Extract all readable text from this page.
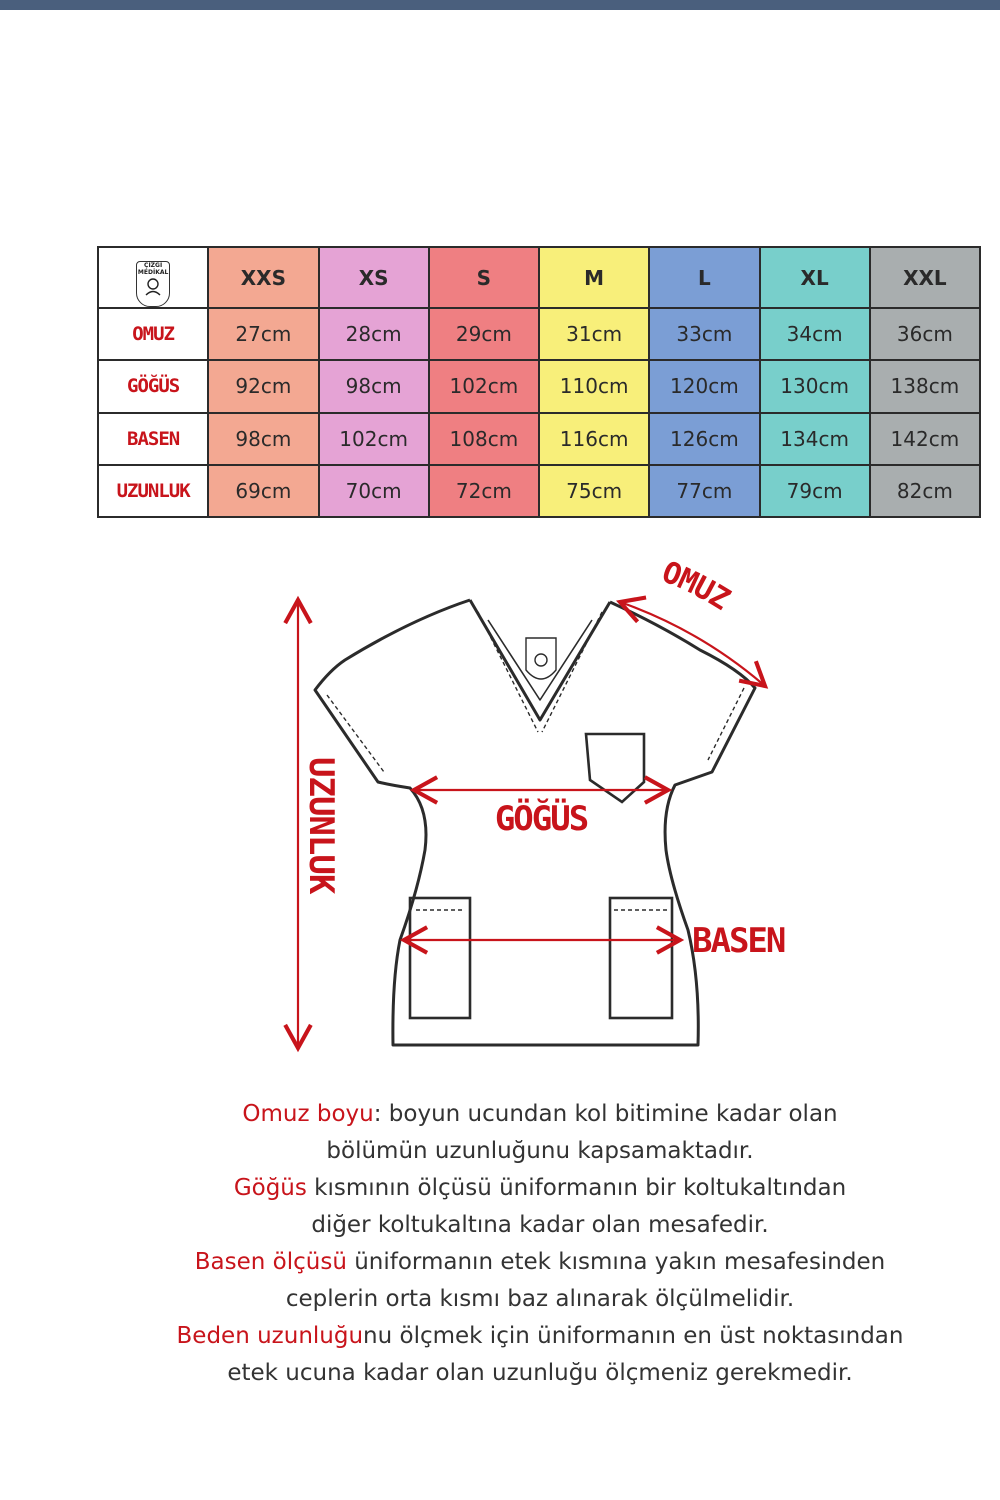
ÇİZGİ MEDİKAL	XXS	XS	S	M	L	XL	XXL
OMUZ	27cm	28cm	29cm	31cm	33cm	34cm	36cm
GÖĞÜS	92cm	98cm	102cm	110cm	120cm	130cm	138cm
BASEN	98cm	102cm	108cm	116cm	126cm	134cm	142cm
UZUNLUK	69cm	70cm	72cm	75cm	77cm	79cm	82cm
OMUZ
GÖĞÜS
BASEN
UZUNLUK

Omuz boyu: boyun ucundan kol bitimine kadar olan

bölümün uzunluğunu kapsamaktadır.

Göğüs kısmının ölçüsü üniformanın bir koltukaltından

diğer koltukaltına kadar olan mesafedir.

Basen ölçüsü üniformanın etek kısmına yakın mesafesinden

ceplerin orta kısmı baz alınarak ölçülmelidir.

Beden uzunluğunu ölçmek için üniformanın en üst noktasından

etek ucuna kadar olan uzunluğu ölçmeniz gerekmedir.
